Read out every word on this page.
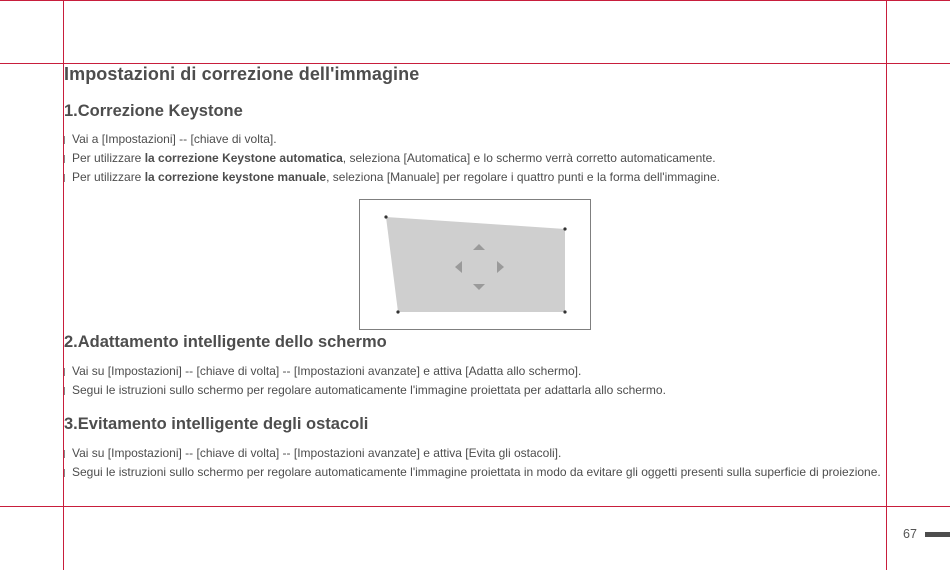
Impostazioni di correzione dell'immagine
1.Correzione Keystone
Vai a [Impostazioni] -- [chiave di volta].
Per utilizzare la correzione Keystone automatica, seleziona [Automatica] e lo schermo verrà corretto automaticamente.
Per utilizzare la correzione keystone manuale, seleziona [Manuale] per regolare i quattro punti e la forma dell'immagine.
2.Adattamento intelligente dello schermo
Vai su [Impostazioni] -- [chiave di volta] -- [Impostazioni avanzate] e attiva [Adatta allo schermo].
Segui le istruzioni sullo schermo per regolare automaticamente l'immagine proiettata per adattarla allo schermo.
3.Evitamento intelligente degli ostacoli
Vai su [Impostazioni] -- [chiave di volta] -- [Impostazioni avanzate] e attiva [Evita gli ostacoli].
Segui le istruzioni sullo schermo per regolare automaticamente l'immagine proiettata in modo da evitare gli oggetti presenti sulla superficie di proiezione.
67
